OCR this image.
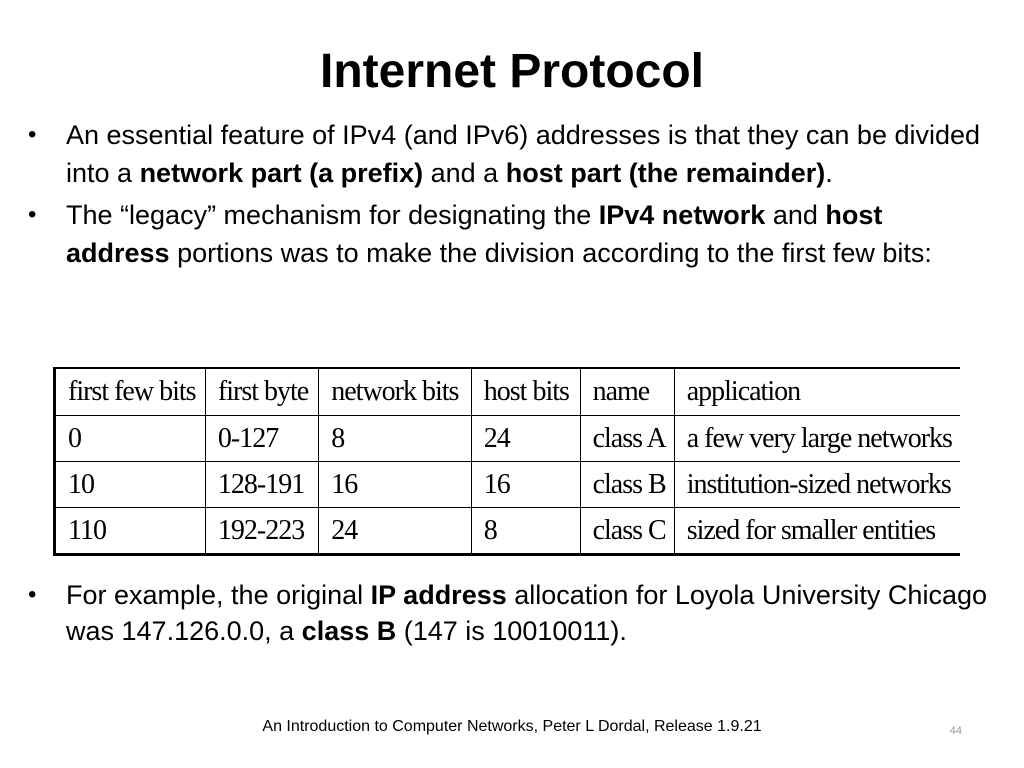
Internet Protocol
•	An essential feature of IPv4 (and IPv6) addresses is that they can be divided into a network part (a prefix) and a host part (the remainder).
•	The “legacy” mechanism for designating the IPv4 network and host address portions was to make the division according to the first few bits:
first few bits	first byte	network bits	host bits	name	application
0	0-127	8	24	class A	a few very large networks
10	128-191	16	16	class B	institution-sized networks
110	192-223	24	8	class C	sized for smaller entities
•	For example, the original IP address allocation for Loyola University Chicago was 147.126.0.0, a class B (147 is 10010011).
An Introduction to Computer Networks, Peter L Dordal, Release 1.9.21	44
